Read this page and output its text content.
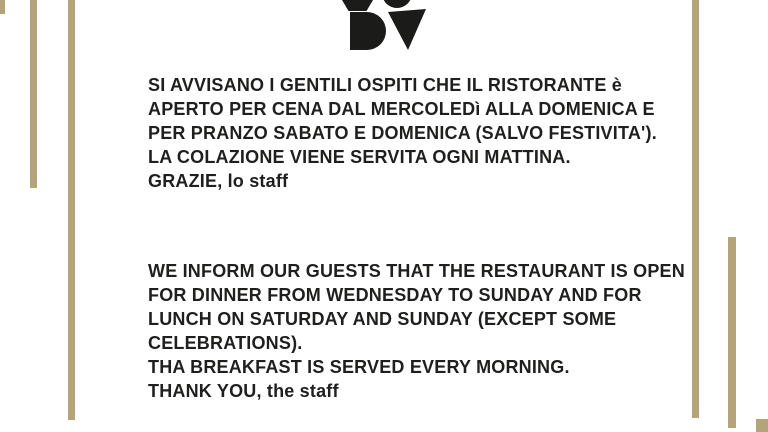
SI AVVISANO I GENTILI OSPITI CHE IL RISTORANTE è
APERTO PER CENA DAL MERCOLEDì ALLA DOMENICA E
PER PRANZO SABATO E DOMENICA (SALVO FESTIVITA').
LA COLAZIONE VIENE SERVITA OGNI MATTINA.
GRAZIE, lo staff
WE INFORM OUR GUESTS THAT THE RESTAURANT IS OPEN
FOR DINNER FROM WEDNESDAY TO SUNDAY AND FOR
LUNCH ON SATURDAY AND SUNDAY (EXCEPT SOME
CELEBRATIONS).
THA BREAKFAST IS SERVED EVERY MORNING.
THANK YOU, the staff
